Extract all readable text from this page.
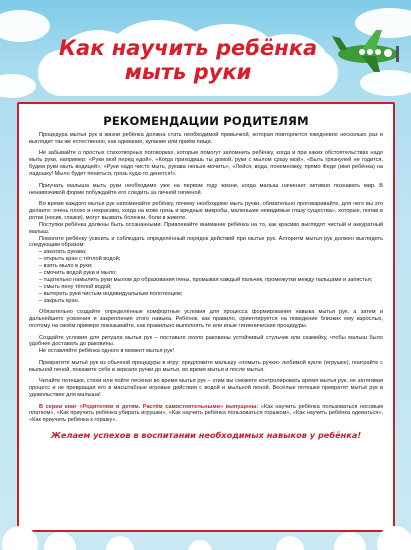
Как научить ребёнка
мыть руки
РЕКОМЕНДАЦИИ РОДИТЕЛЯМ

Процедура мытья рук в жизни ребёнка должна стать необходимой привычкой, которая повторяется ежедневно несколько раз и выглядит так же естественно, как одевание, купание или приём пищи.

Не забывайте о простых стихотворных поговорках, которые помогут запомнить ребёнку, когда и при каких обстоятельствах надо мыть руки, например: «Руки мой перед едой», «Когда приходишь ты домой, руки с мылом сразу мой», «Быть грязнулей не годится, будем руки мыть водицей», «Руки надо чисто мыть, рукава нельзя мочить», «Лейся, вода, понемножку, прямо Феде (имя ребёнка) на ладошку! Мыло будет пениться, грязь куда-то денется!».

Приучать малыша мыть руки необходимо уже на первом году жизни, когда малыш начинает активно познавать мир. В ненавязчивой форме побуждайте его следить за личной гигиеной.

Во время каждого мытья рук напоминайте ребёнку, почему необходимо мыть ручки, обязательно проговаривайте, для чего вы это делаете: очень плохо и некрасиво, когда на коже грязь и вредные микробы, маленькие невидимые глазу существа», которые, попав в ротик (носик, глазки), могут вызвать болезни, боли в животе.

Поступки ребёнка должны быть осознанными. Привлекайте внимание ребёнка на то, как красиво выглядят чистый и аккуратный малыш.

Помогите ребёнку усвоить и соблюдать определённый порядок действий при мытье рук. Алгоритм мытья рук должен выглядеть следующим образом:

– закатать рукава;
– открыть кран с тёплой водой;
– взять мыло в руки;
– смочить водой руки и мыло;
– тщательно намылить руки мылом до образования пены, промывая каждый пальчик, промежутки между пальцами и запястья;
– смыть пену тёплой водой;
– вытереть руки чистым индивидуальным полотенцем;
– закрыть кран.

Обязательно создайте определённые комфортные условия для процесса формирования навыка мытья рук, а затем и дальнейшего усвоения и закрепления этого навыка. Ребёнок, как правило, ориентируется на поведение близких ему взрослых, поэтому на своём примере показывайте, как правильно выполнять те или иные гигиенические процедуры.

Создайте условия для ритуала мытья рук – поставьте около раковины устойчивый стульчик или скамейку, чтобы малыш было удобнее доставать до раковины.

Не оставляйте ребёнка одного в момент мытья рук!

Превратите мытьё рук из обычной процедуры в игру: предложите малышу «помыть ручки» любимой кукле (игрушке), поиграйте с мыльной пеной, покажите себе в зеркале ручки до мытья, во время мытья и после мытья.

Читайте потешки, стихи или пойте песенки во время мытья рук – этим вы сможете контролировать время мытья рук, не затягивая процесс и не превращая его в масштабные игровые действия с водой и мыльной пеной. Весёлые потешки превратят мытьё рук в удовольствие для малыша!

В серии книг «Родителям и детям. Растём самостоятельными» выпущены: «Как научить ребёнка пользоваться носовым платком», «Как приучить ребёнка убирать игрушки», «Как научить ребёнка пользоваться горшком», «Как научить ребёнка одеваться», «Как приучить ребёнка к горшку».

Желаем успехов в воспитании необходимых навыков у ребёнка!
